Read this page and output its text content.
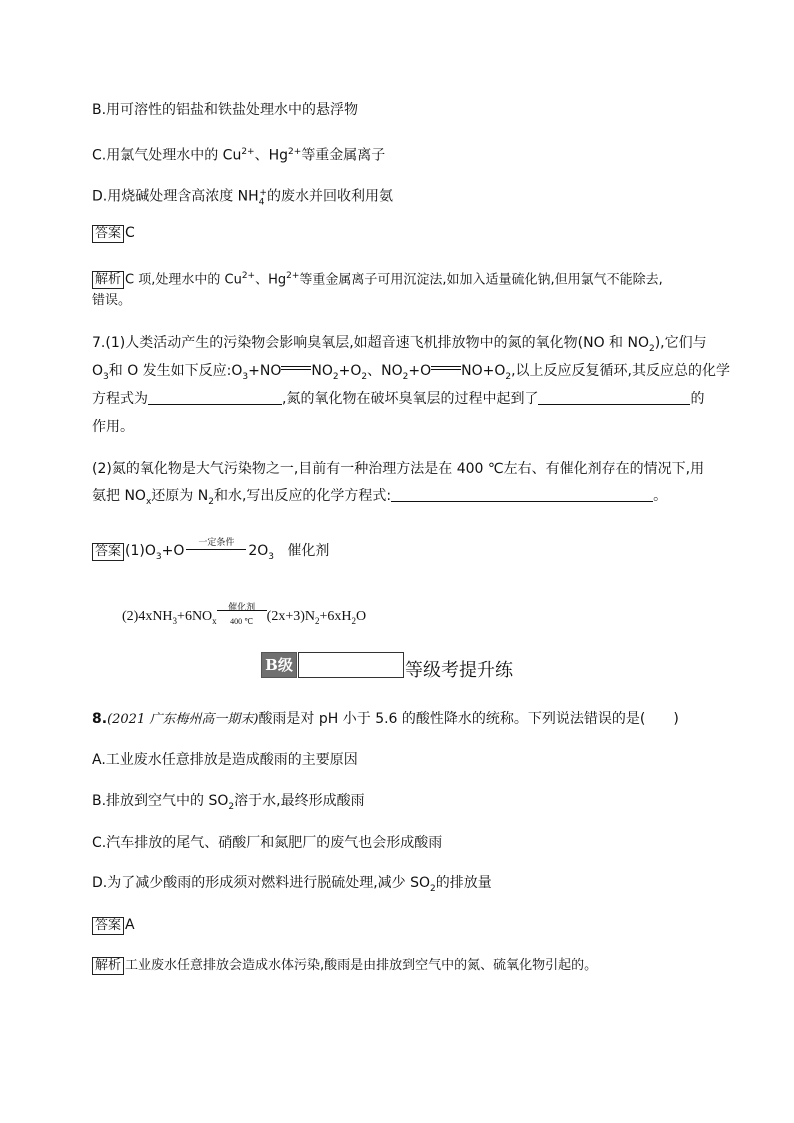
B.用可溶性的铝盐和铁盐处理水中的悬浮物
C.用氯气处理水中的 $Cu^{2+}$、$Hg^{2+}$等重金属离子
D.用烧碱处理含高浓度 $NH_4^+$的废水并回收利用氨
答案 C
解析 C 项,处理水中的 $Cu^{2+}$、$Hg^{2+}$等重金属离子可用沉淀法,如加入适量硫化钠,但用氯气不能除去,
错误。
7.(1)人类活动产生的污染物会影响臭氧层,如超音速飞机排放物中的氮的氧化物(NO 和 $NO_2$),它们与
$O_3$和 O 发生如下反应$:O_3+NO$ $NO_2+O_2$、$NO_2+O$ $NO+O_2$,以上反应反复循环,其反应总的化学
方程式为	,氮的氧化物在破坏臭氧层的过程中起到了	的
作用。
(2)氮的氧化物是大气污染物之一,目前有一种治理方法是在 400 ℃左右、有催化剂存在的情况下,用
氨把 $NO_x$还原为 $N_2$和水,写出反应的化学方程式:	。
答案 $(1)O_3+O$	一定条件	$2O_3$ 催化剂
$(2)4xNH_3+6NO_x$
催化剂
400 ℃ $(2x+3)N_2+6xH_2O$
B级	等级考提升练
8.(2021 广东梅州高一期末)酸雨是对 pH 小于 5.6 的酸性降水的统称。下列说法错误的是(　　)
A.工业废水任意排放是造成酸雨的主要原因
B.排放到空气中的 $SO_2$溶于水,最终形成酸雨
C.汽车排放的尾气、硝酸厂和氮肥厂的废气也会形成酸雨
D.为了减少酸雨的形成须对燃料进行脱硫处理,减少 $SO_2$的排放量
答案 A
解析 工业废水任意排放会造成水体污染,酸雨是由排放到空气中的氮、硫氧化物引起的。
